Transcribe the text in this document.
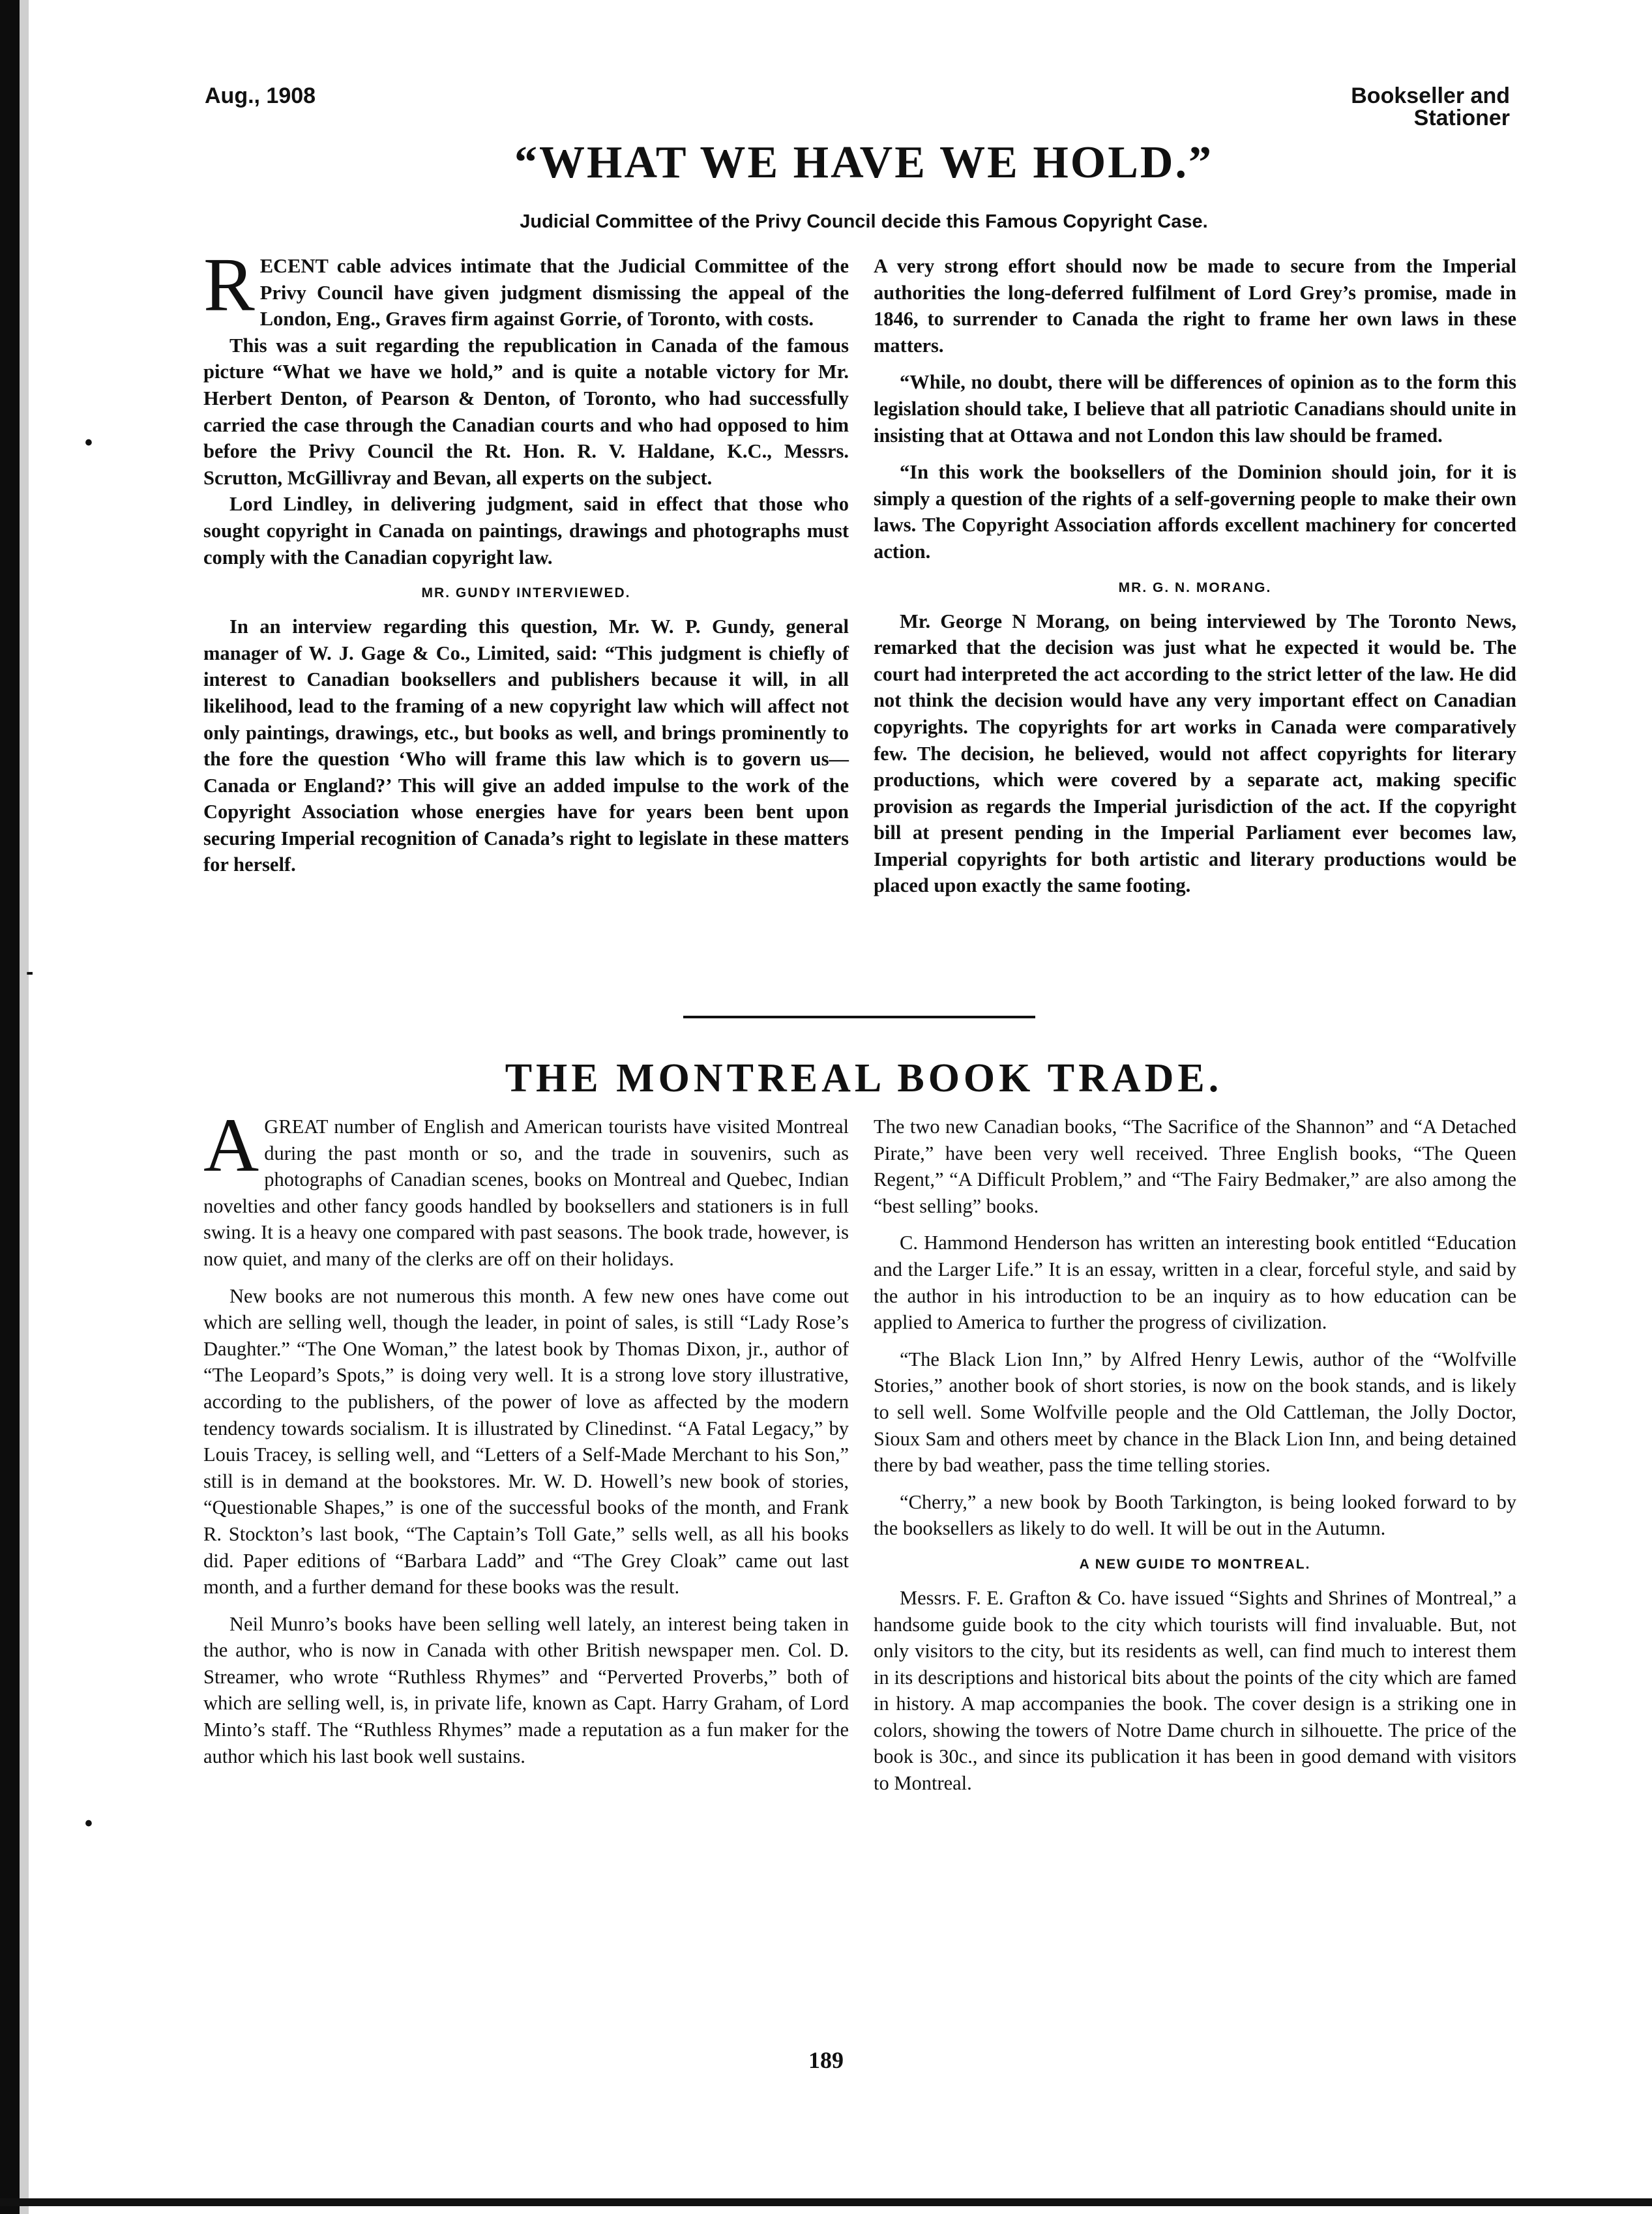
•
-
•
Aug., 1908	Bookseller and
Stationer
“WHAT WE HAVE WE HOLD.”
Judicial Committee of the Privy Council decide this Famous Copyright Case.

RECENT cable advices intimate that the Judicial Committee of the Privy Council have given judgment dismissing the appeal of the London, Eng., Graves firm against Gorrie, of Toronto, with costs.

This was a suit regarding the republication in Canada of the famous picture “What we have we hold,” and is quite a notable victory for Mr. Herbert Denton, of Pearson & Denton, of Toronto, who had successfully carried the case through the Canadian courts and who had opposed to him before the Privy Council the Rt. Hon. R. V. Haldane, K.C., Messrs. Scrutton, McGillivray and Bevan, all experts on the subject.

Lord Lindley, in delivering judgment, said in effect that those who sought copyright in Canada on paintings, drawings and photographs must comply with the Canadian copyright law.

MR. GUNDY INTERVIEWED.

In an interview regarding this question, Mr. W. P. Gundy, general manager of W. J. Gage & Co., Limited, said: “This judgment is chiefly of interest to Canadian booksellers and publishers because it will, in all likelihood, lead to the framing of a new copyright law which will affect not only paintings, drawings, etc., but books as well, and brings prominently to the fore the question ‘Who will frame this law which is to govern us—Canada or England?’ This will give an added impulse to the work of the Copyright Association whose energies have for years been bent upon securing Imperial recognition of Canada’s right to legislate in these matters for herself.

A very strong effort should now be made to secure from the Imperial authorities the long-deferred fulfilment of Lord Grey’s promise, made in 1846, to surrender to Canada the right to frame her own laws in these matters.

“While, no doubt, there will be differences of opinion as to the form this legislation should take, I believe that all patriotic Canadians should unite in insisting that at Ottawa and not London this law should be framed.

“In this work the booksellers of the Dominion should join, for it is simply a question of the rights of a self-governing people to make their own laws. The Copyright Association affords excellent machinery for concerted action.

MR. G. N. MORANG.

Mr. George N Morang, on being interviewed by The Toronto News, remarked that the decision was just what he expected it would be. The court had interpreted the act according to the strict letter of the law. He did not think the decision would have any very important effect on Canadian copyrights. The copyrights for art works in Canada were comparatively few. The decision, he believed, would not affect copyrights for literary productions, which were covered by a separate act, making specific provision as regards the Imperial jurisdiction of the act. If the copyright bill at present pending in the Imperial Parliament ever becomes law, Imperial copyrights for both artistic and literary productions would be placed upon exactly the same footing.

THE MONTREAL BOOK TRADE.

AGREAT number of English and American tourists have visited Montreal during the past month or so, and the trade in souvenirs, such as photographs of Canadian scenes, books on Montreal and Quebec, Indian novelties and other fancy goods handled by booksellers and stationers is in full swing. It is a heavy one compared with past seasons. The book trade, however, is now quiet, and many of the clerks are off on their holidays.

New books are not numerous this month. A few new ones have come out which are selling well, though the leader, in point of sales, is still “Lady Rose’s Daughter.” “The One Woman,” the latest book by Thomas Dixon, jr., author of “The Leopard’s Spots,” is doing very well. It is a strong love story illustrative, according to the publishers, of the power of love as affected by the modern tendency towards socialism. It is illustrated by Clinedinst. “A Fatal Legacy,” by Louis Tracey, is selling well, and “Letters of a Self-Made Merchant to his Son,” still is in demand at the bookstores. Mr. W. D. Howell’s new book of stories, “Questionable Shapes,” is one of the successful books of the month, and Frank R. Stockton’s last book, “The Captain’s Toll Gate,” sells well, as all his books did. Paper editions of “Barbara Ladd” and “The Grey Cloak” came out last month, and a further demand for these books was the result.

Neil Munro’s books have been selling well lately, an interest being taken in the author, who is now in Canada with other British newspaper men. Col. D. Streamer, who wrote “Ruthless Rhymes” and “Perverted Proverbs,” both of which are selling well, is, in private life, known as Capt. Harry Graham, of Lord Minto’s staff. The “Ruthless Rhymes” made a reputation as a fun maker for the author which his last book well sustains.

The two new Canadian books, “The Sacrifice of the Shannon” and “A Detached Pirate,” have been very well received. Three English books, “The Queen Regent,” “A Difficult Problem,” and “The Fairy Bedmaker,” are also among the “best selling” books.

C. Hammond Henderson has written an interesting book entitled “Education and the Larger Life.” It is an essay, written in a clear, forceful style, and said by the author in his introduction to be an inquiry as to how education can be applied to America to further the progress of civilization.

“The Black Lion Inn,” by Alfred Henry Lewis, author of the “Wolfville Stories,” another book of short stories, is now on the book stands, and is likely to sell well. Some Wolfville people and the Old Cattleman, the Jolly Doctor, Sioux Sam and others meet by chance in the Black Lion Inn, and being detained there by bad weather, pass the time telling stories.

“Cherry,” a new book by Booth Tarkington, is being looked forward to by the booksellers as likely to do well. It will be out in the Autumn.

A NEW GUIDE TO MONTREAL.

Messrs. F. E. Grafton & Co. have issued “Sights and Shrines of Montreal,” a handsome guide book to the city which tourists will find invaluable. But, not only visitors to the city, but its residents as well, can find much to interest them in its descriptions and historical bits about the points of the city which are famed in history. A map accompanies the book. The cover design is a striking one in colors, showing the towers of Notre Dame church in silhouette. The price of the book is 30c., and since its publication it has been in good demand with visitors to Montreal.

189
